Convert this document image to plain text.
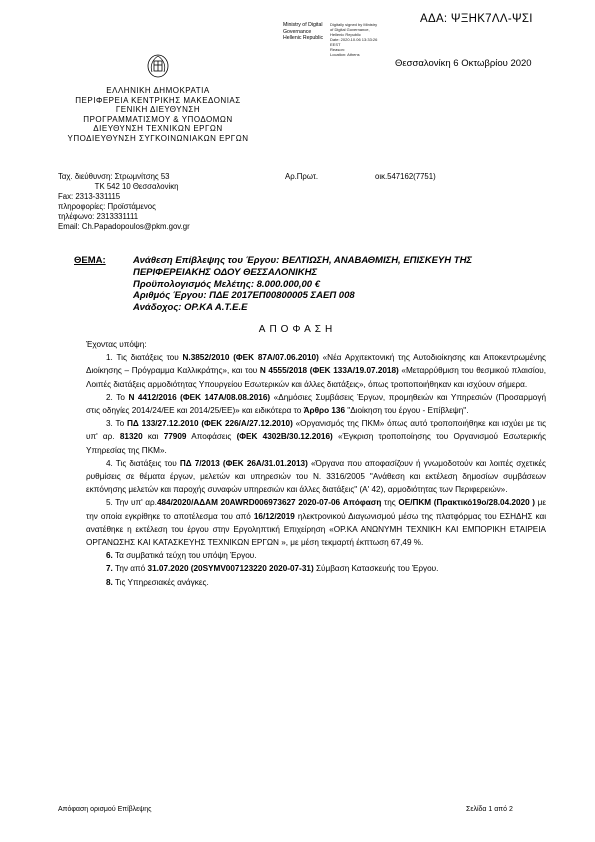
ΑΔΑ: ΨΞΗΚ7ΛΛ-ΨΣΙ
Ministry of Digital
Governance
Hellenic Republic
Digitally signed by Ministry
of Digital Governance,
Hellenic Republic
Date: 2020.10.06 13:33:26
EEST
Reason:
Location: Athens
Θεσσαλονίκη 6 Οκτωβρίου 2020
ΕΛΛΗΝΙΚΗ ΔΗΜΟΚΡΑΤΙΑ
ΠΕΡΙΦΕΡΕΙΑ ΚΕΝΤΡΙΚΗΣ ΜΑΚΕΔΟΝΙΑΣ
ΓΕΝΙΚΗ ΔΙΕΥΘΥΝΣΗ
ΠΡΟΓΡΑΜΜΑΤΙΣΜΟΥ & ΥΠΟΔΟΜΩΝ
ΔΙΕΥΘΥΝΣΗ ΤΕΧΝΙΚΩΝ ΕΡΓΩΝ
ΥΠΟΔΙΕΥΘΥΝΣΗ ΣΥΓΚΟΙΝΩΝΙΑΚΩΝ ΕΡΓΩΝ
Ταχ. διεύθυνση: Στρωμνίτσης 53
ΤΚ 542 10 Θεσσαλονίκη
Fax: 2313-331115
πληροφορίες: Προϊστάμενος
τηλέφωνο: 2313331111
Email: Ch.Papadopoulos@pkm.gov.gr
Αρ.Πρωτ.	οικ.547162(7751)
ΘΕΜΑ:	Ανάθεση Επίβλεψης του Έργου: ΒΕΛΤΙΩΣΗ, ΑΝΑΒΑΘΜΙΣΗ, ΕΠΙΣΚΕΥΗ ΤΗΣ
ΠΕΡΙΦΕΡΕΙΑΚΗΣ ΟΔΟΥ ΘΕΣΣΑΛΟΝΙΚΗΣ
Προϋπολογισμός Μελέτης: 8.000.000,00 €
Αριθμός Έργου: ΠΔΕ 2017ΕΠ00800005 ΣΑΕΠ 008
Ανάδοχος: ΟΡ.ΚΑ Α.Τ.Ε.Ε
ΑΠΟΦΑΣΗ

Έχοντας υπόψη:

1. Τις διατάξεις του Ν.3852/2010 (ΦΕΚ 87Α/07.06.2010) «Νέα Αρχιτεκτονική της Αυτοδιοίκησης και Αποκεντρωμένης Διοίκησης – Πρόγραμμα Καλλικράτης», και του Ν 4555/2018 (ΦΕΚ 133Α/19.07.2018) «Μεταρρύθμιση του θεσμικού πλαισίου, Λοιπές διατάξεις αρμοδιότητας Υπουργείου Εσωτερικών και άλλες διατάξεις», όπως τροποποιήθηκαν και ισχύουν σήμερα.

2. Το Ν 4412/2016 (ΦΕΚ 147Α/08.08.2016) «Δημόσιες Συμβάσεις Έργων, προμηθειών και Υπηρεσιών (Προσαρμογή στις οδηγίες 2014/24/ΕΕ και 2014/25/ΕΕ)» και ειδικότερα το Άρθρο 136 "Διοίκηση του έργου - Επίβλεψη".

3. Το ΠΔ 133/27.12.2010 (ΦΕΚ 226/Α/27.12.2010) «Οργανισμός της ΠΚΜ» όπως αυτό τροποποιήθηκε και ισχύει με τις υπ' αρ. 81320 και 77909 Αποφάσεις (ΦΕΚ 4302Β/30.12.2016) «Έγκριση τροποποίησης του Οργανισμού Εσωτερικής Υπηρεσίας της ΠΚΜ».

4. Τις διατάξεις του ΠΔ 7/2013 (ΦΕΚ 26Α/31.01.2013) «Όργανα που αποφασίζουν ή γνωμοδοτούν και λοιπές σχετικές ρυθμίσεις σε θέματα έργων, μελετών και υπηρεσιών του Ν. 3316/2005 "Ανάθεση και εκτέλεση δημοσίων συμβάσεων εκπόνησης μελετών και παροχής συναφών υπηρεσιών και άλλες διατάξεις" (Α' 42), αρμοδιότητας των Περιφερειών».

5. Την υπ' αρ.484/2020/ΑΔΑΜ 20AWRD006973627 2020-07-06 Απόφαση της ΟΕ/ΠΚΜ (Πρακτικό19ο/28.04.2020 ) με την οποία εγκρίθηκε το αποτέλεσμα του από 16/12/2019 ηλεκτρονικού Διαγωνισμού μέσω της πλατφόρμας του ΕΣΗΔΗΣ και ανατέθηκε η εκτέλεση του έργου στην Εργοληπτική Επιχείρηση «ΟΡ.ΚΑ ΑΝΩΝΥΜΗ ΤΕΧΝΙΚΗ ΚΑΙ ΕΜΠΟΡΙΚΗ ΕΤΑΙΡΕΙΑ ΟΡΓΑΝΩΣΗΣ ΚΑΙ ΚΑΤΑΣΚΕΥΗΣ ΤΕΧΝΙΚΩΝ ΕΡΓΩΝ », με μέση τεκμαρτή έκπτωση 67,49 %.

6. Τα συμβατικά τεύχη του υπόψη Έργου.

7. Την από 31.07.2020 (20SYMV007123220 2020-07-31) Σύμβαση Κατασκευής του Έργου.

8. Τις Υπηρεσιακές ανάγκες.

Απόφαση ορισμού Επίβλεψης	Σελίδα 1 από 2
